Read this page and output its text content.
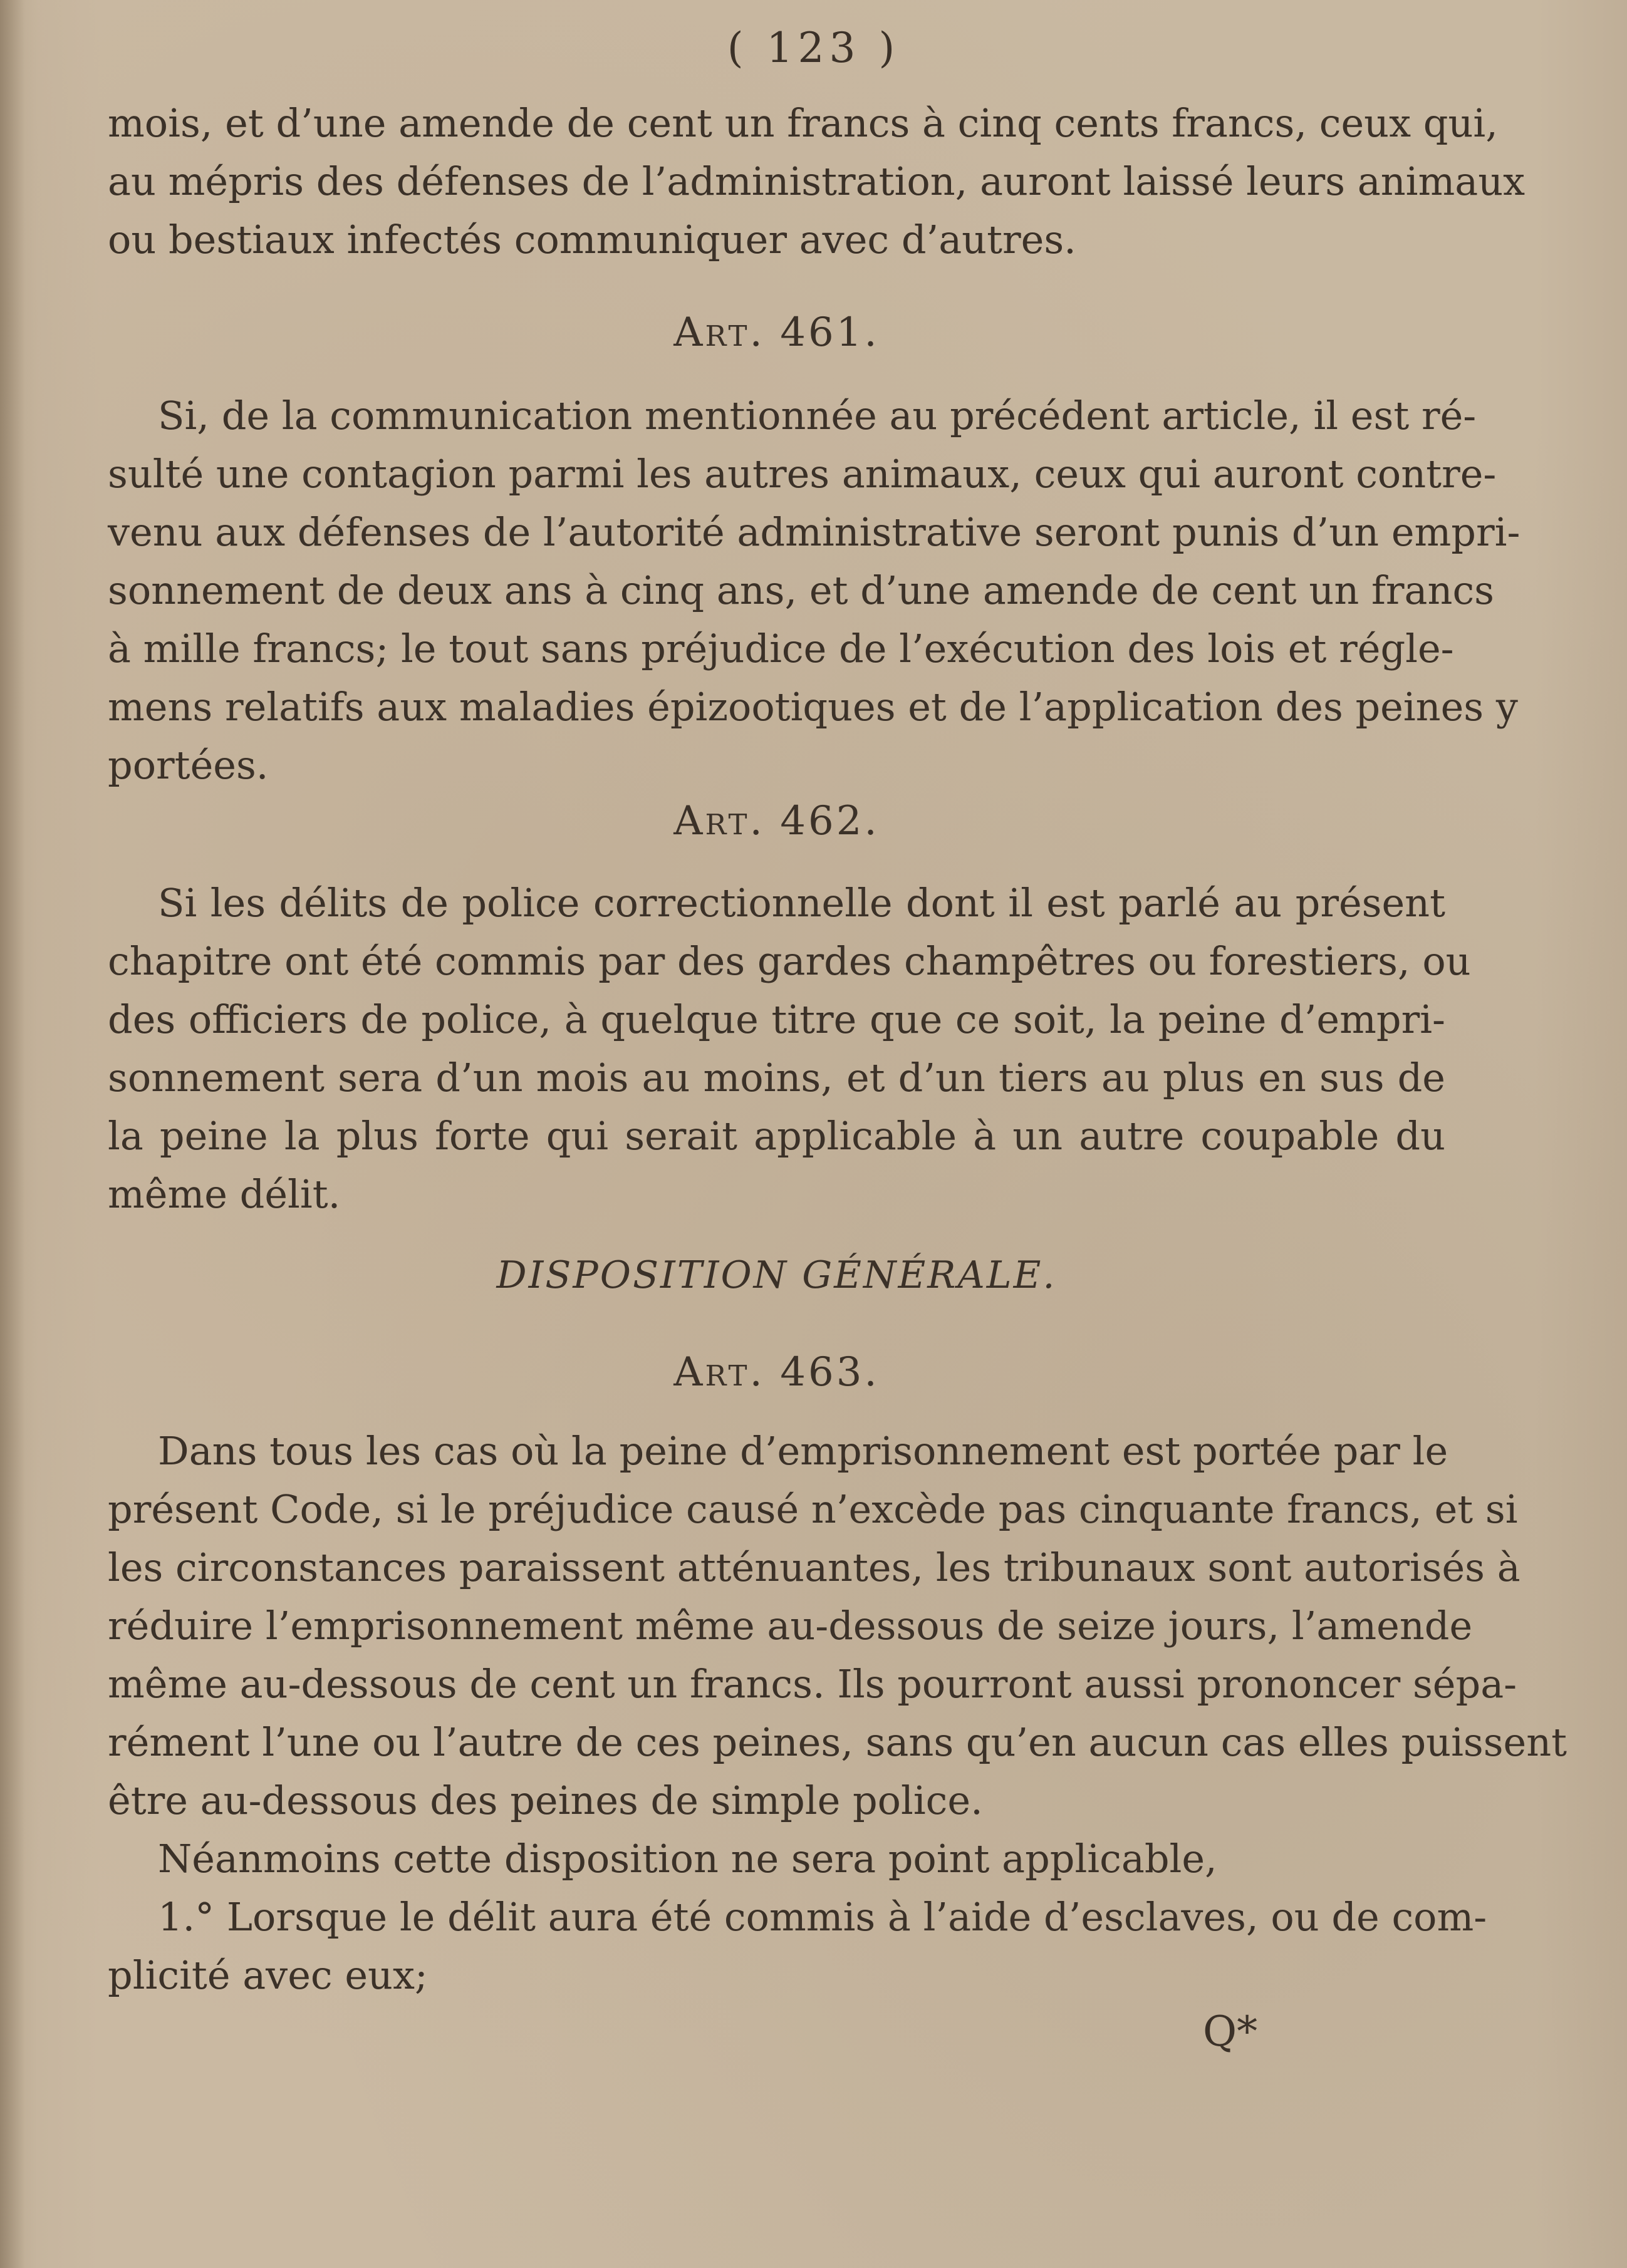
( 123 )
mois, et d’une amende de cent un francs à cinq cents francs, ceux qui,
au mépris des défenses de l’administration, auront laissé leurs animaux
ou bestiaux infectés communiquer avec d’autres.
Art. 461.
Si, de la communication mentionnée au précédent article, il est ré-
sulté une contagion parmi les autres animaux, ceux qui auront contre-
venu aux défenses de l’autorité administrative seront punis d’un empri-
sonnement de deux ans à cinq ans, et d’une amende de cent un francs
à mille francs; le tout sans préjudice de l’exécution des lois et régle-
mens relatifs aux maladies épizootiques et de l’application des peines y
portées.
Art. 462.
Si les délits de police correctionnelle dont il est parlé au présent
chapitre ont été commis par des gardes champêtres ou forestiers, ou
des officiers de police, à quelque titre que ce soit, la peine d’empri-
sonnement sera d’un mois au moins, et d’un tiers au plus en sus de
la peine la plus forte qui serait applicable à un autre coupable du
même délit.
DISPOSITION GÉNÉRALE.
Art. 463.
Dans tous les cas où la peine d’emprisonnement est portée par le
présent Code, si le préjudice causé n’excède pas cinquante francs, et si
les circonstances paraissent atténuantes, les tribunaux sont autorisés à
réduire l’emprisonnement même au-dessous de seize jours, l’amende
même au-dessous de cent un francs. Ils pourront aussi prononcer sépa-
rément l’une ou l’autre de ces peines, sans qu’en aucun cas elles puissent
être au-dessous des peines de simple police.
Néanmoins cette disposition ne sera point applicable,
1.° Lorsque le délit aura été commis à l’aide d’esclaves, ou de com-
plicité avec eux;
Q*
